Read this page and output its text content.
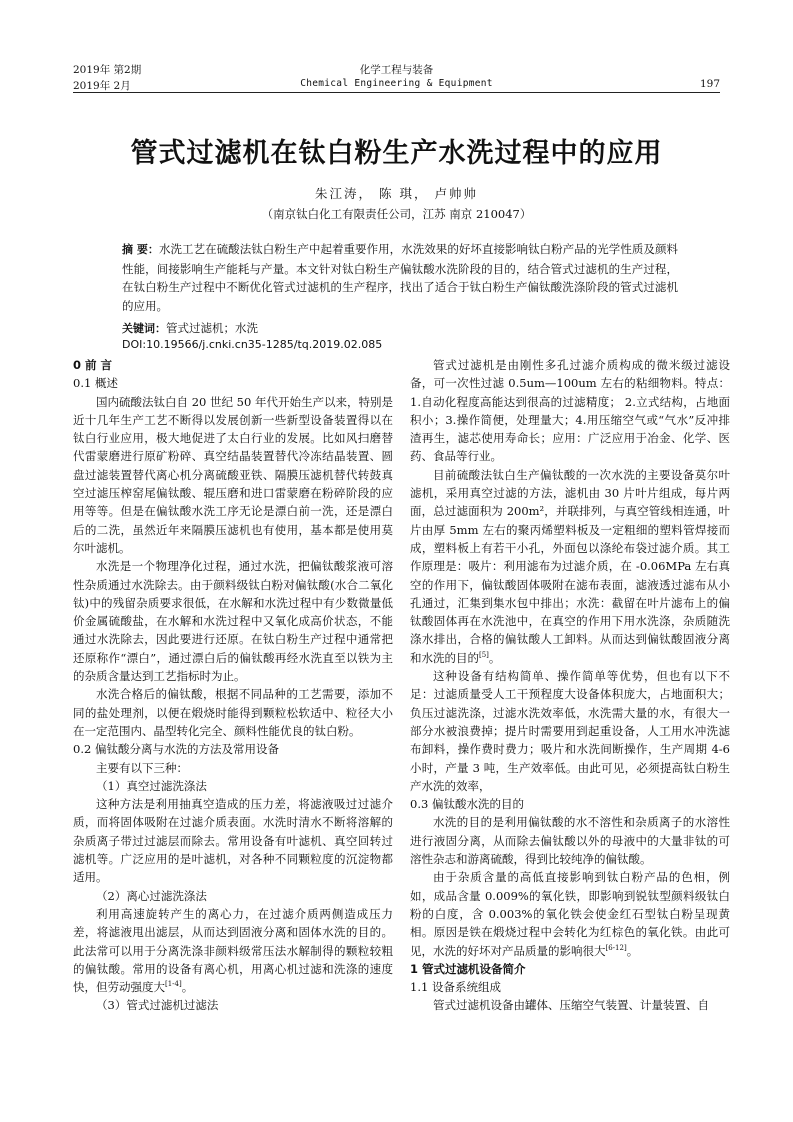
2019年 第2期	化学工程与装备
2019年 2月	Chemical Engineering & Equipment	197
管式过滤机在钛白粉生产水洗过程中的应用
朱江涛， 陈 琪， 卢帅帅
（南京钛白化工有限责任公司，江苏 南京 210047）
摘 要：水洗工艺在硫酸法钛白粉生产中起着重要作用，水洗效果的好坏直接影响钛白粉产品的光学性质及颜料性能，间接影响生产能耗与产量。本文针对钛白粉生产偏钛酸水洗阶段的目的，结合管式过滤机的生产过程，在钛白粉生产过程中不断优化管式过滤机的生产程序，找出了适合于钛白粉生产偏钛酸洗涤阶段的管式过滤机的应用。
关键词：管式过滤机；水洗
DOI:10.19566/j.cnki.cn35-1285/tq.2019.02.085

0 前 言

0.1 概述

国内硫酸法钛白自 20 世纪 50 年代开始生产以来，特别是近十几年生产工艺不断得以发展创新一些新型设备装置得以在钛白行业应用，极大地促进了太白行业的发展。比如风扫磨替代雷蒙磨进行原矿粉碎、真空结晶装置替代冷冻结晶装置、圆盘过滤装置替代离心机分离硫酸亚铁、隔膜压滤机替代转鼓真空过滤压榨窑尾偏钛酸、辊压磨和进口雷蒙磨在粉碎阶段的应用等等。但是在偏钛酸水洗工序无论是漂白前一洗，还是漂白后的二洗，虽然近年来隔膜压滤机也有使用，基本都是使用莫尔叶滤机。

水洗是一个物理净化过程，通过水洗，把偏钛酸浆液可溶性杂质通过水洗除去。由于颜料级钛白粉对偏钛酸(水合二氧化钛)中的残留杂质要求很低，在水解和水洗过程中有少数微量低价金属硫酸盐，在水解和水洗过程中又氧化成高价状态，不能通过水洗除去，因此要进行还原。在钛白粉生产过程中通常把还原称作“漂白”，通过漂白后的偏钛酸再经水洗直至以铁为主的杂质含量达到工艺指标时为止。

水洗合格后的偏钛酸，根据不同品种的工艺需要，添加不同的盐处理剂，以便在煅烧时能得到颗粒松软适中、粒径大小在一定范围内、晶型转化完全、颜料性能优良的钛白粉。

0.2 偏钛酸分离与水洗的方法及常用设备

主要有以下三种：

（1）真空过滤洗涤法

这种方法是利用抽真空造成的压力差，将滤液吸过过滤介质，而将固体吸附在过滤介质表面。水洗时清水不断将溶解的杂质离子带过过滤层而除去。常用设备有叶滤机、真空回转过滤机等。广泛应用的是叶滤机，对各种不同颗粒度的沉淀物都适用。

（2）离心过滤洗涤法

利用高速旋转产生的离心力，在过滤介质两侧造成压力差，将滤液甩出滤层，从而达到固液分离和固体水洗的目的。此法常可以用于分离洗涤非颜料级常压法水解制得的颗粒较粗的偏钛酸。常用的设备有离心机，用离心机过滤和洗涤的速度快，但劳动强度大[1-4]。

（3）管式过滤机过滤法

管式过滤机是由刚性多孔过滤介质构成的微米级过滤设备，可一次性过滤 0.5um—100um 左右的粘细物料。特点：1.自动化程度高能达到很高的过滤精度； 2.立式结构，占地面积小；3.操作简便，处理量大；4.用压缩空气或“气水”反冲排渣再生，滤芯使用寿命长；应用：广泛应用于冶金、化学、医药、食品等行业。

目前硫酸法钛白生产偏钛酸的一次水洗的主要设备莫尔叶滤机，采用真空过滤的方法，滤机由 30 片叶片组成，每片两面，总过滤面积为 200m²，并联排列，与真空管线相连通，叶片由厚 5mm 左右的聚丙烯塑料板及一定粗细的塑料管焊接而成，塑料板上有若干小孔，外面包以涤纶布袋过滤介质。其工作原理是：吸片：利用滤布为过滤介质，在 -0.06MPa 左右真空的作用下，偏钛酸固体吸附在滤布表面，滤液透过滤布从小孔通过，汇集到集水包中排出；水洗：截留在叶片滤布上的偏钛酸固体再在水洗池中，在真空的作用下用水洗涤，杂质随洗涤水排出，合格的偏钛酸人工卸料。从而达到偏钛酸固液分离和水洗的目的[5]。

这种设备有结构简单、操作简单等优势，但也有以下不足：过滤质量受人工干预程度大设备体积庞大，占地面积大；负压过滤洗涤，过滤水洗效率低，水洗需大量的水，有很大一部分水被浪费掉；提片时需要用到起重设备，人工用水冲洗滤布卸料，操作费时费力；吸片和水洗间断操作，生产周期 4-6 小时，产量 3 吨，生产效率低。由此可见，必须提高钛白粉生产水洗的效率，

0.3 偏钛酸水洗的目的

水洗的目的是利用偏钛酸的水不溶性和杂质离子的水溶性进行液固分离，从而除去偏钛酸以外的母液中的大量非钛的可溶性杂志和游离硫酸，得到比较纯净的偏钛酸。

由于杂质含量的高低直接影响到钛白粉产品的色相，例如，成品含量 0.009%的氧化铁，即影响到锐钛型颜料级钛白粉的白度，含 0.003%的氧化铁会使金红石型钛白粉呈现黄相。原因是铁在煅烧过程中会转化为红棕色的氧化铁。由此可见，水洗的好坏对产品质量的影响很大[6-12]。

1 管式过滤机设备简介

1.1 设备系统组成

管式过滤机设备由罐体、压缩空气装置、计量装置、自
